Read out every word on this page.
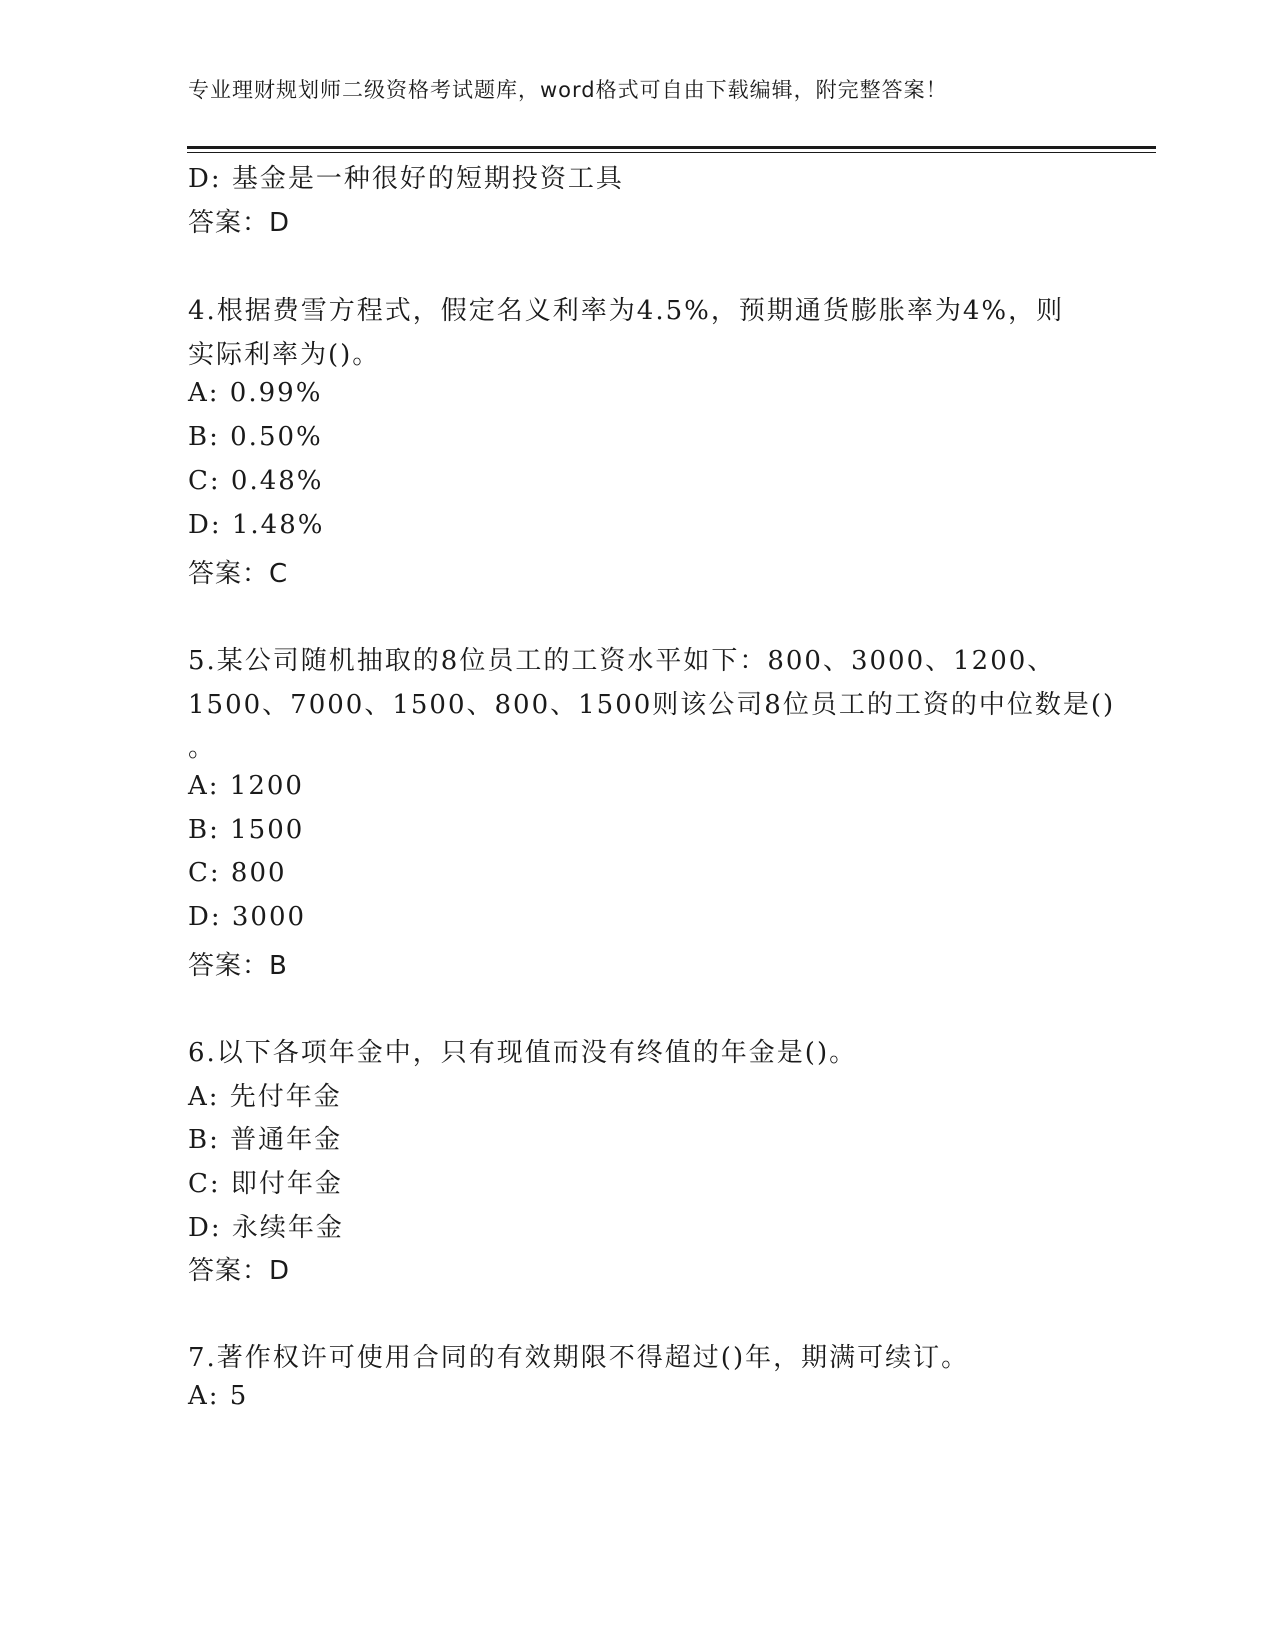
专业理财规划师二级资格考试题库，word格式可自由下载编辑，附完整答案！
D: 基金是一种很好的短期投资工具
答案：D
4.根据费雪方程式，假定名义利率为4.5%，预期通货膨胀率为4%，则
实际利率为()。
A: 0.99%
B: 0.50%
C: 0.48%
D: 1.48%
答案：C
5.某公司随机抽取的8位员工的工资水平如下：800、3000、1200、
1500、7000、1500、800、1500则该公司8位员工的工资的中位数是()
。
A: 1200
B: 1500
C: 800
D: 3000
答案：B
6.以下各项年金中，只有现值而没有终值的年金是()。
A: 先付年金
B: 普通年金
C: 即付年金
D: 永续年金
答案：D
7.著作权许可使用合同的有效期限不得超过()年，期满可续订。
A: 5
